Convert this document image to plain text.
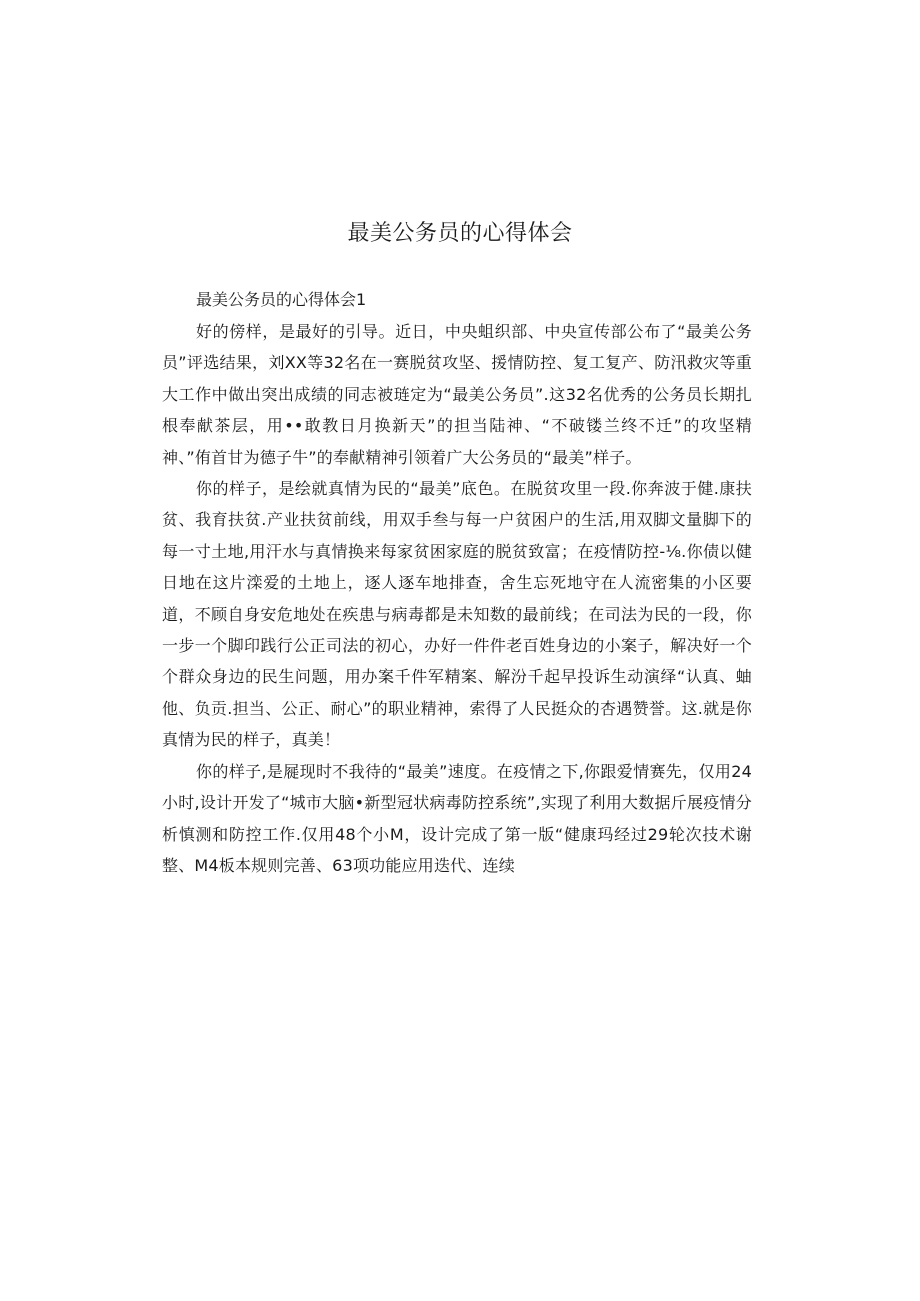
最美公务员的心得体会

最美公务员的心得体会1

好的傍样，是最好的引导。近日，中央蛆织部、中央宣传部公布了“最美公务员”评选结果，刘XX等32名在一赛脱贫攻坚、援情防控、复工复产、防汛救灾等重大工作中做出突出成绩的同志被琏定为“最美公务员”.这32名优秀的公务员长期扎根奉献茶层，用••敢教日月换新天”的担当陆神、“不破镂兰终不迁”的攻坚精神、”侑首甘为德子牛”的奉献精神引领着广大公务员的“最美”样子。

你的样子，是绘就真情为民的“最美”底色。在脱贫攻里一段.你奔波于健.康扶贫、我育扶贫.产业扶贫前线，用双手叁与每一户贫困户的生活,用双脚文量脚下的每一寸土地,用汗水与真情换来每家贫困家庭的脱贫致富；在疫情防控-⅛.你债以健日地在这片滦爱的土地上，逐人逐车地排查，舍生忘死地守在人流密集的小区要道，不顾自身安危地处在疾患与病毒都是未知数的最前线；在司法为民的一段，你一步一个脚印践行公正司法的初心，办好一件件老百姓身边的小案子，解决好一个个群众身边的民生问题，用办案千件军精案、解汾千起早投诉生动演绎“认真、蚰他、负贡.担当、公正、耐心”的职业精神，索得了人民挺众的杏遇赞誉。这.就是你真情为民的样子，真美！

你的样子,是屣现时不我待的“最美”速度。在疫情之下,你跟爱情赛先，仅用24小时,设计开发了“城市大脑•新型冠状病毒防控系统”,实现了利用大数据斤展疫情分析慎测和防控工作.仅用48个小M，设计完成了第一版“健康玛经过29轮次技术谢整、M4板本规则完善、63项功能应用迭代、连续
